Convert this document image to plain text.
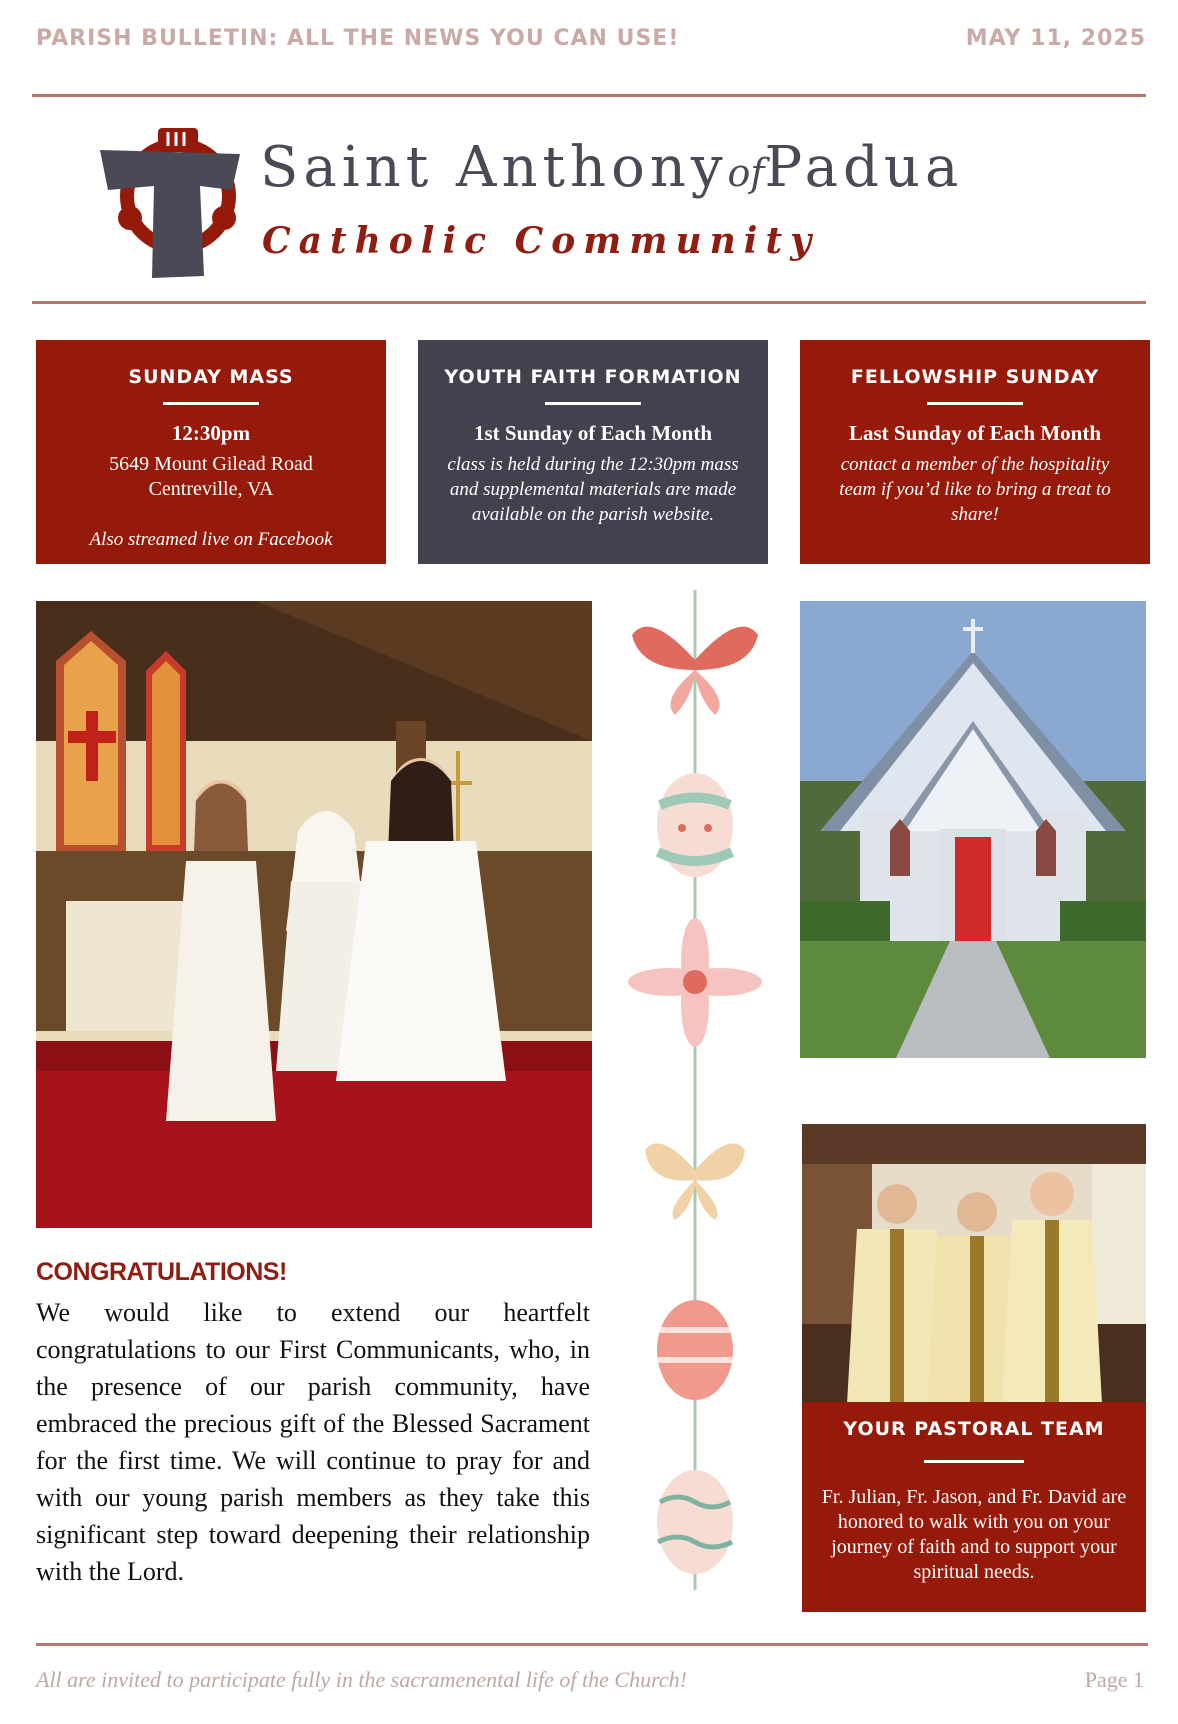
PARISH BULLETIN: ALL THE NEWS YOU CAN USE!	MAY 11, 2025
Saint AnthonyofPadua
Catholic Community
SUNDAY MASS
12:30pm
5649 Mount Gilead Road
Centreville, VA
Also streamed live on Facebook
YOUTH FAITH FORMATION
1st Sunday of Each Month
class is held during the 12:30pm mass and supplemental materials are made available on the parish website.
FELLOWSHIP SUNDAY
Last Sunday of Each Month
contact a member of the hospitality team if you’d like to bring a treat to share!
CONGRATULATIONS!
We would like to extend our heartfelt congratulations to our First Communicants, who, in the presence of our parish community, have embraced the precious gift of the Blessed Sacrament for the first time. We will continue to pray for and with our young parish members as they take this significant step toward deepening their relationship with the Lord.
YOUR PASTORAL TEAM
Fr. Julian, Fr. Jason, and Fr. David are honored to walk with you on your journey of faith and to support your spiritual needs.
All are invited to participate fully in the sacramenental life of the Church!	Page 1
